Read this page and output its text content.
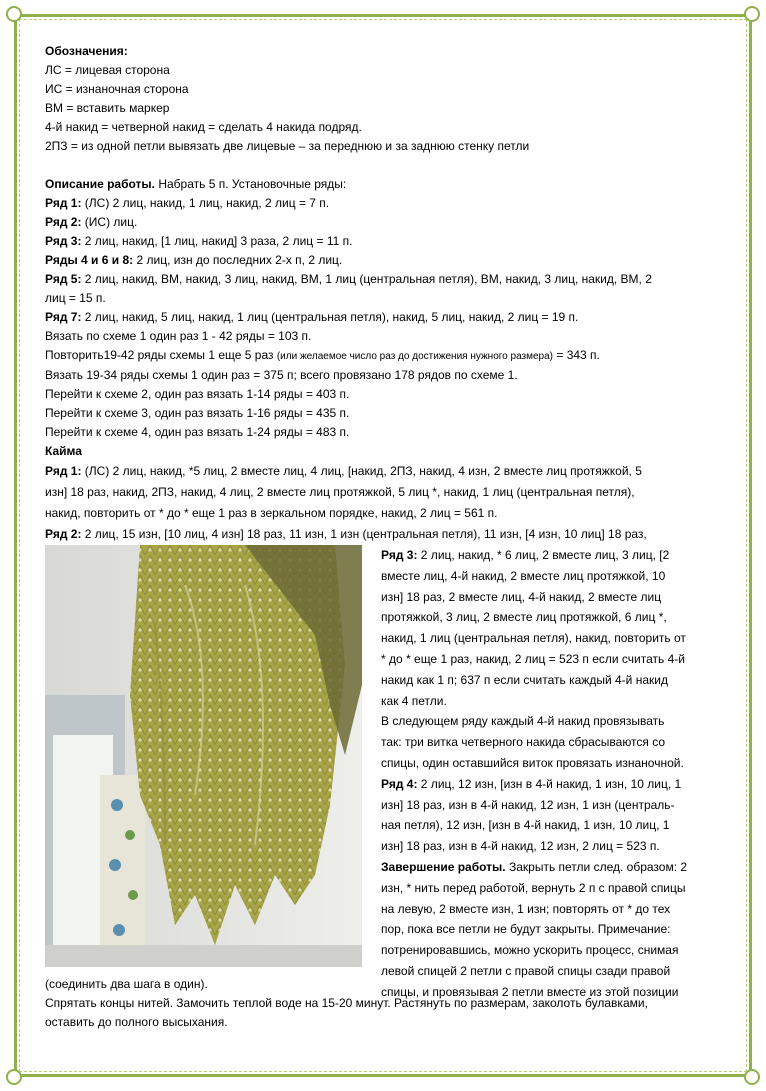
Обозначения:
ЛС = лицевая сторона
ИС = изнаночная сторона
ВМ = вставить маркер
4-й накид = четверной накид = сделать 4 накида подряд.
2ПЗ = из одной петли вывязать две лицевые – за переднюю и за заднюю стенку петли
Описание работы. Набрать 5 п. Установочные ряды:
Ряд 1: (ЛС) 2 лиц, накид, 1 лиц, накид, 2 лиц = 7 п.
Ряд 2: (ИС) лиц.
Ряд 3: 2 лиц, накид, [1 лиц, накид] 3 раза, 2 лиц = 11 п.
Ряды 4 и 6 и 8: 2 лиц, изн до последних 2-х п, 2 лиц.
Ряд 5: 2 лиц, накид, ВМ, накид, 3 лиц, накид, ВМ, 1 лиц (центральная петля), ВМ, накид, 3 лиц, накид, ВМ, 2
лиц = 15 п.
Ряд 7: 2 лиц, накид, 5 лиц, накид, 1 лиц (центральная петля), накид, 5 лиц, накид, 2 лиц = 19 п.
Вязать по схеме 1 один раз 1 - 42 ряды = 103 п.
Повторить19-42 ряды схемы 1 еще 5 раз (или желаемое число раз до достижения нужного размера) = 343 п.
Вязать 19-34 ряды схемы 1 один раз = 375 п; всего провязано 178 рядов по схеме 1.
Перейти к схеме 2, один раз вязать 1-14 ряды = 403 п.
Перейти к схеме 3, один раз вязать 1-16 ряды = 435 п.
Перейти к схеме 4, один раз вязать 1-24 ряды = 483 п.
Кайма
Ряд 1: (ЛС) 2 лиц, накид, *5 лиц, 2 вместе лиц, 4 лиц, [накид, 2ПЗ, накид, 4 изн, 2 вместе лиц протяжкой, 5
изн] 18 раз, накид, 2ПЗ, накид, 4 лиц, 2 вместе лиц протяжкой, 5 лиц *, накид, 1 лиц (центральная петля),
накид, повторить от * до * еще 1 раз в зеркальном порядке, накид, 2 лиц = 561 п.
Ряд 2: 2 лиц, 15 изн, [10 лиц, 4 изн] 18 раз, 11 изн, 1 изн (центральная петля), 11 изн, [4 изн, 10 лиц] 18 раз,
Ряд 3: 2 лиц, накид, * 6 лиц, 2 вместе лиц, 3 лиц, [2
вместе лиц, 4-й накид, 2 вместе лиц протяжкой, 10
изн] 18 раз, 2 вместе лиц, 4-й накид, 2 вместе лиц
протяжкой, 3 лиц, 2 вместе лиц протяжкой, 6 лиц *,
накид, 1 лиц (центральная петля), накид, повторить от
* до * еще 1 раз, накид, 2 лиц = 523 п если считать 4-й
накид как 1 п; 637 п если считать каждый 4-й накид
как 4 петли.
В следующем ряду каждый 4-й накид провязывать
так: три витка четверного накида сбрасываются со
спицы, один оставшийся виток провязать изнаночной.
Ряд 4: 2 лиц, 12 изн, [изн в 4-й накид, 1 изн, 10 лиц, 1
изн] 18 раз, изн в 4-й накид, 12 изн, 1 изн (централь-
ная петля), 12 изн, [изн в 4-й накид, 1 изн, 10 лиц, 1
изн] 18 раз, изн в 4-й накид, 12 изн, 2 лиц = 523 п.
Завершение работы. Закрыть петли след. образом: 2
изн, * нить перед работой, вернуть 2 п с правой спицы
на левую, 2 вместе изн, 1 изн; повторять от * до тех
пор, пока все петли не будут закрыты. Примечание:
потренировавшись, можно ускорить процесс, снимая
левой спицей 2 петли с правой спицы сзади правой
спицы, и провязывая 2 петли вместе из этой позиции
(соединить два шага в один).
Спрятать концы нитей. Замочить теплой воде на 15-20 минут. Растянуть по размерам, заколоть булавками,
оставить до полного высыхания.
